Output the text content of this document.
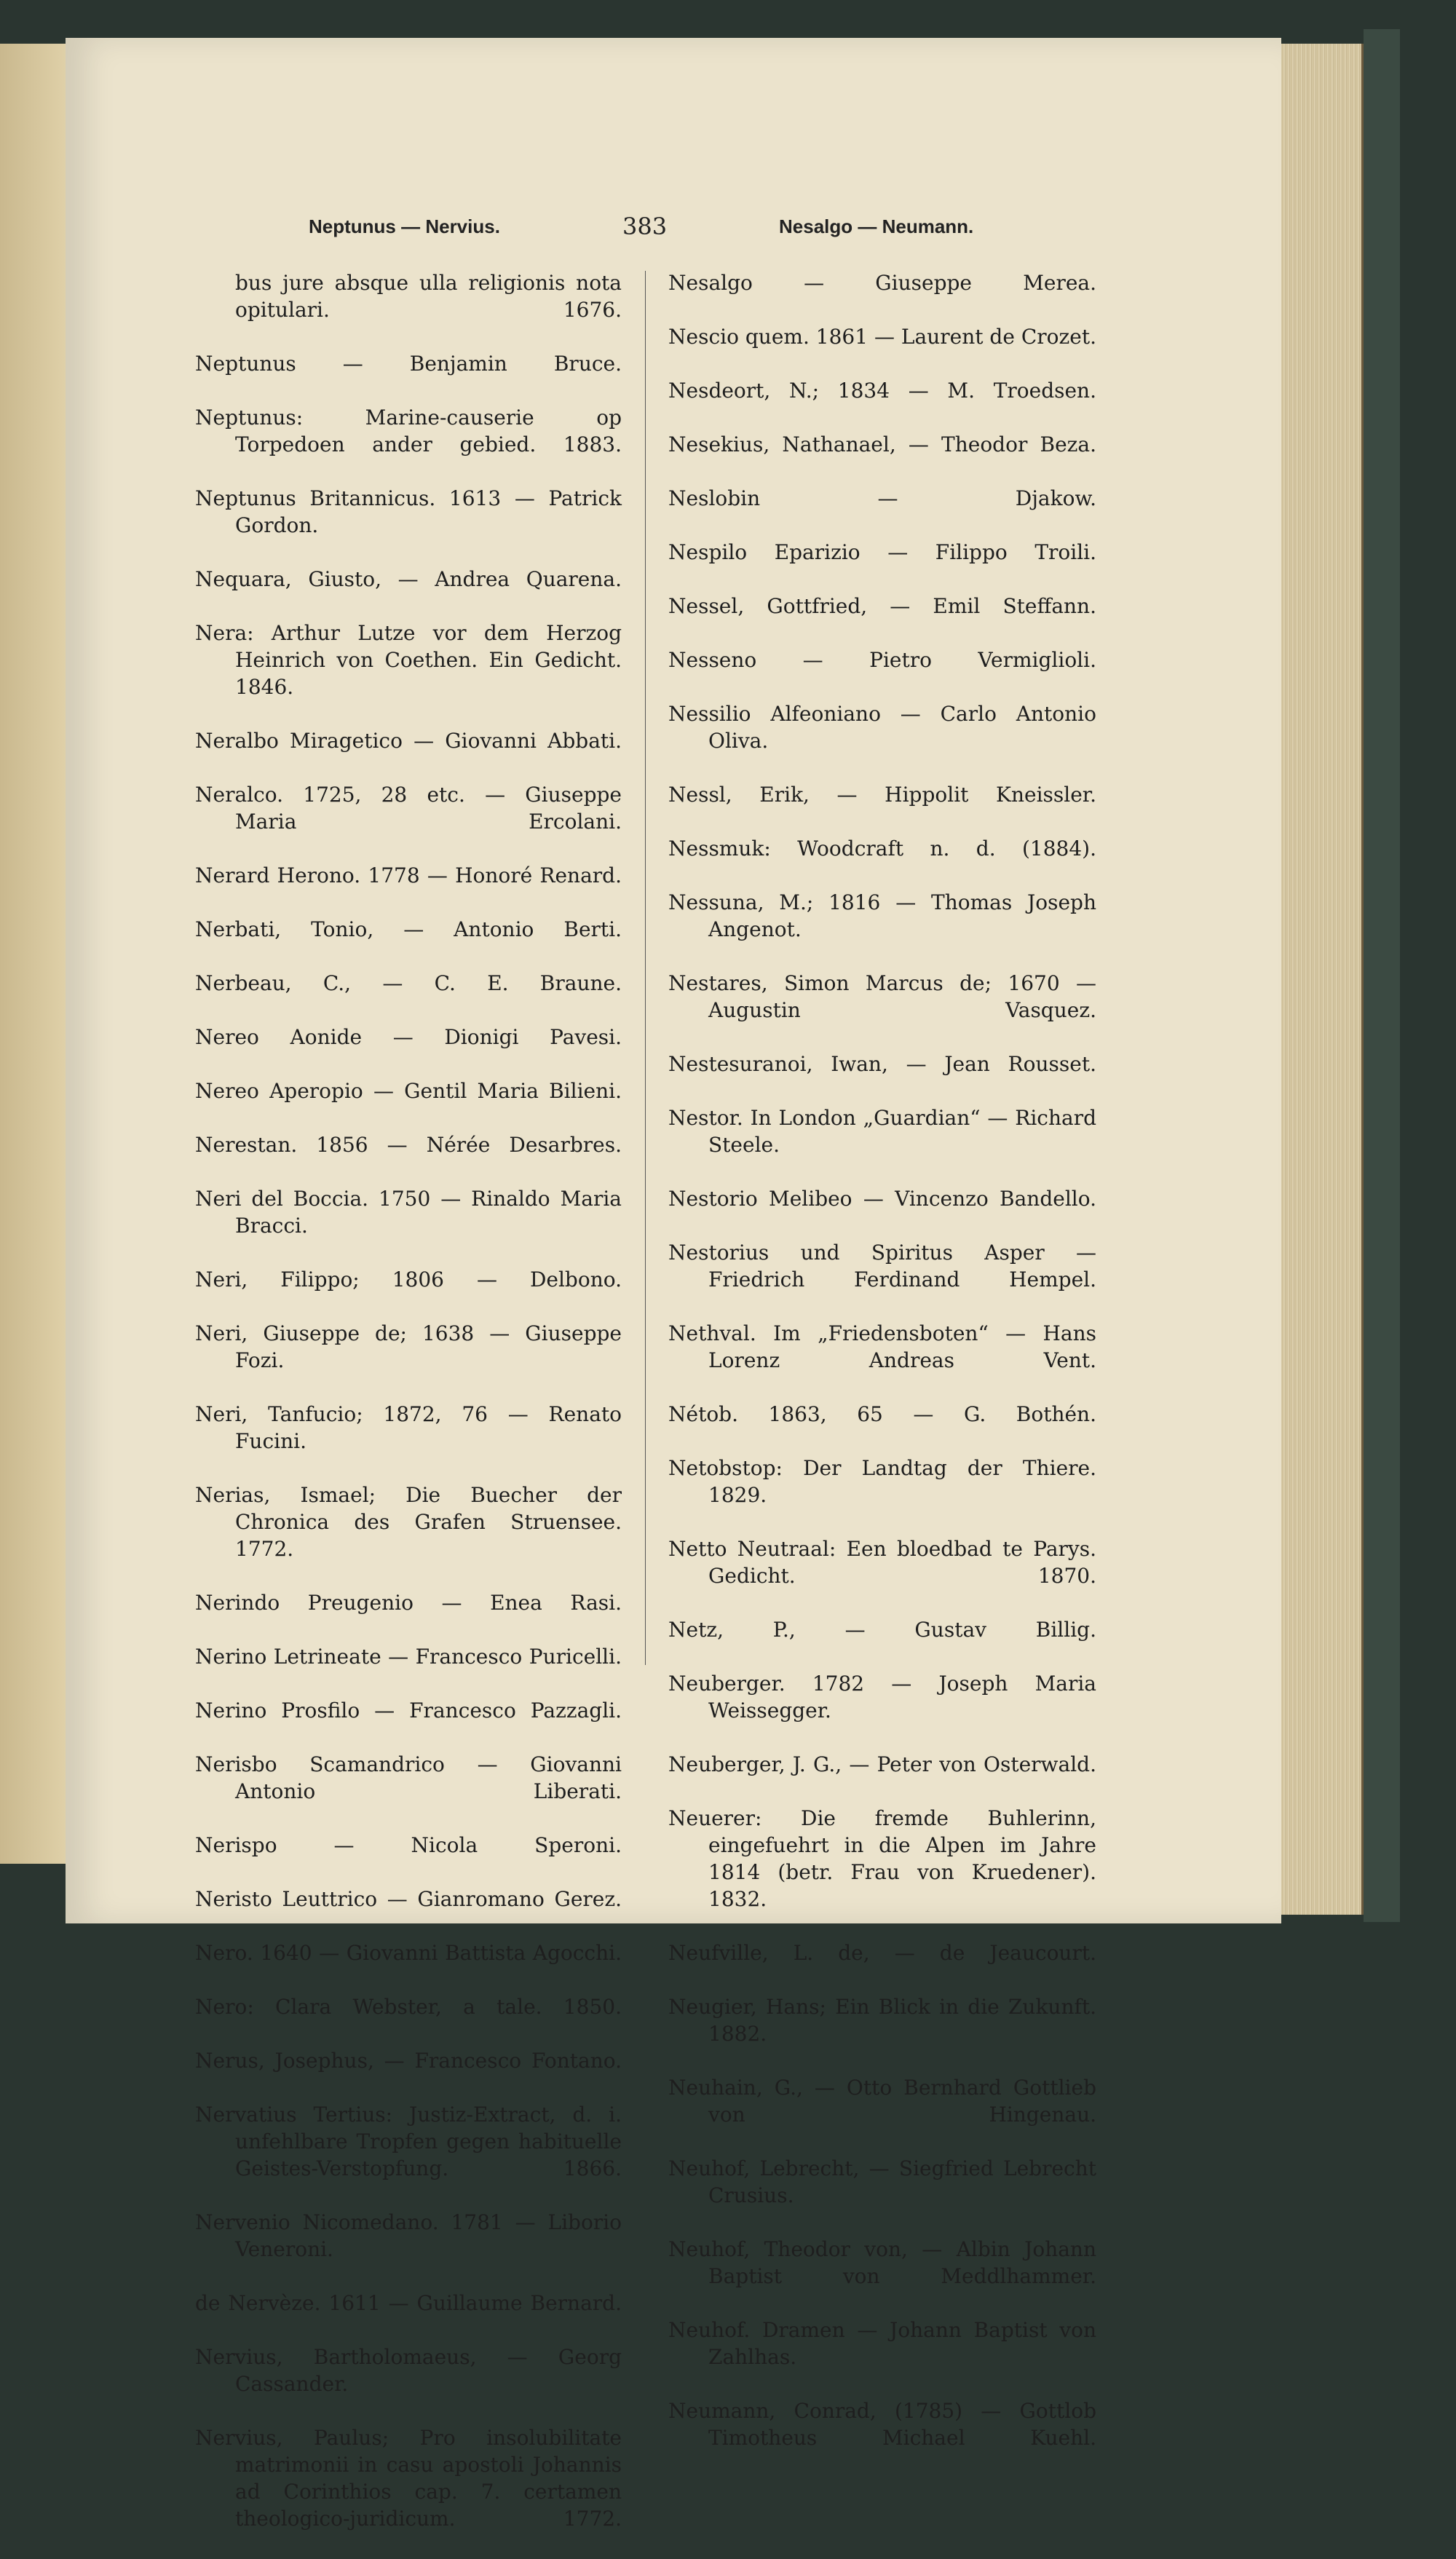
Neptunus — Nervius.	383	Nesalgo — Neumann.

bus jure absque ulla religionis nota opitulari. 1676.

Neptunus — Benjamin Bruce.

Neptunus: Marine-causerie op Torpedoen ander gebied. 1883.

Neptunus Britannicus. 1613 — Patrick Gordon.

Nequara, Giusto, — Andrea Quarena.

Nera: Arthur Lutze vor dem Herzog Heinrich von Coethen. Ein Gedicht. 1846.

Neralbo Miragetico — Giovanni Abbati.

Neralco. 1725, 28 etc. — Giuseppe Maria Ercolani.

Nerard Herono. 1778 — Honoré Renard.

Nerbati, Tonio, — Antonio Berti.

Nerbeau, C., — C. E. Braune.

Nereo Aonide — Dionigi Pavesi.

Nereo Aperopio — Gentil Maria Bilieni.

Nerestan. 1856 — Nérée Desarbres.

Neri del Boccia. 1750 — Rinaldo Maria Bracci.

Neri, Filippo; 1806 — Delbono.

Neri, Giuseppe de; 1638 — Giuseppe Fozi.

Neri, Tanfucio; 1872, 76 — Renato Fucini.

Nerias, Ismael; Die Buecher der Chronica des Grafen Struensee. 1772.

Nerindo Preugenio — Enea Rasi.

Nerino Letrineate — Francesco Puricelli.

Nerino Prosfilo — Francesco Pazzagli.

Nerisbo Scamandrico — Giovanni Antonio Liberati.

Nerispo — Nicola Speroni.

Neristo Leuttrico — Gianromano Gerez.

Nero. 1640 — Giovanni Battista Agocchi.

Nero: Clara Webster, a tale. 1850.

Nerus, Josephus, — Francesco Fontano.

Nervatius Tertius: Justiz-Extract, d. i. unfehlbare Tropfen gegen habituelle Geistes-Verstopfung. 1866.

Nervenio Nicomedano. 1781 — Liborio Veneroni.

de Nervèze. 1611 — Guillaume Bernard.

Nervius, Bartholomaeus, — Georg Cassander.

Nervius, Paulus; Pro insolubilitate matrimonii in casu apostoli Johannis ad Corinthios cap. 7. certamen theologico-juridicum. 1772.

Nesalgo — Giuseppe Merea.

Nescio quem. 1861 — Laurent de Crozet.

Nesdeort, N.; 1834 — M. Troedsen.

Nesekius, Nathanael, — Theodor Beza.

Neslobin — Djakow.

Nespilo Eparizio — Filippo Troili.

Nessel, Gottfried, — Emil Steffann.

Nesseno — Pietro Vermiglioli.

Nessilio Alfeoniano — Carlo Antonio Oliva.

Nessl, Erik, — Hippolit Kneissler.

Nessmuk: Woodcraft n. d. (1884).

Nessuna, M.; 1816 — Thomas Joseph Angenot.

Nestares, Simon Marcus de; 1670 — Augustin Vasquez.

Nestesuranoi, Iwan, — Jean Rousset.

Nestor. In London „Guardian“ — Richard Steele.

Nestorio Melibeo — Vincenzo Bandello.

Nestorius und Spiritus Asper — Friedrich Ferdinand Hempel.

Nethval. Im „Friedensboten“ — Hans Lorenz Andreas Vent.

Nétob. 1863, 65 — G. Bothén.

Netobstop: Der Landtag der Thiere. 1829.

Netto Neutraal: Een bloedbad te Parys. Gedicht. 1870.

Netz, P., — Gustav Billig.

Neuberger. 1782 — Joseph Maria Weissegger.

Neuberger, J. G., — Peter von Osterwald.

Neuerer: Die fremde Buhlerinn, eingefuehrt in die Alpen im Jahre 1814 (betr. Frau von Kruedener). 1832.

Neufville, L. de, — de Jeaucourt.

Neugier, Hans; Ein Blick in die Zukunft. 1882.

Neuhain, G., — Otto Bernhard Gottlieb von Hingenau.

Neuhof, Lebrecht, — Siegfried Lebrecht Crusius.

Neuhof, Theodor von, — Albin Johann Baptist von Meddlhammer.

Neuhof. Dramen — Johann Baptist von Zahlhas.

Neumann, Conrad, (1785) — Gottlob Timotheus Michael Kuehl.
